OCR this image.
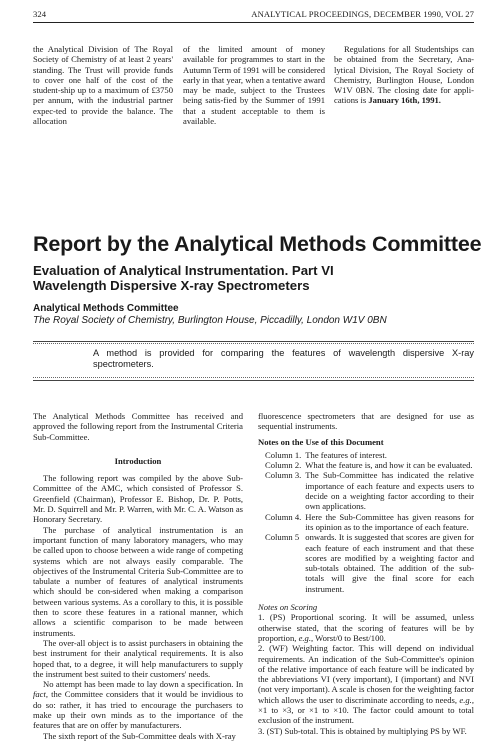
324	ANALYTICAL PROCEEDINGS, DECEMBER 1990, VOL 27

the Analytical Division of The Royal Society of Chemistry of at least 2 years' standing. The Trust will provide funds to cover one half of the cost of the student-ship up to a maximum of £3750 per annum, with the industrial partner expec-ted to provide the balance. The allocation

of the limited amount of money available for programmes to start in the Autumn Term of 1991 will be considered early in that year, when a tentative award may be made, subject to the Trustees being satis-fied by the Summer of 1991 that a student acceptable to them is available.

Regulations for all Studentships can be obtained from the Secretary, Ana-lytical Division, The Royal Society of Chemistry, Burlington House, London W1V 0BN. The closing date for appli-cations is January 16th, 1991.

Report by the Analytical Methods Committee
Evaluation of Analytical Instrumentation. Part VI
Wavelength Dispersive X-ray Spectrometers
Analytical Methods Committee
The Royal Society of Chemistry, Burlington House, Piccadilly, London W1V 0BN
A method is provided for comparing the features of wavelength dispersive X-ray spectrometers.

The Analytical Methods Committee has received and approved the following report from the Instrumental Criteria Sub-Committee.

Introduction

The following report was compiled by the above Sub-Committee of the AMC, which consisted of Professor S. Greenfield (Chairman), Professor E. Bishop, Dr. P. Potts, Mr. D. Squirrell and Mr. P. Warren, with Mr. C. A. Watson as Honorary Secretary.

The purchase of analytical instrumentation is an important function of many laboratory managers, who may be called upon to choose between a wide range of competing systems which are not always easily comparable. The objectives of the Instrumental Criteria Sub-Committee are to tabulate a number of features of analytical instruments which should be con-sidered when making a comparison between various systems. As a corollary to this, it is possible then to score these features in a rational manner, which allows a scientific comparison to be made between instruments.

The over-all object is to assist purchasers in obtaining the best instrument for their analytical requirements. It is also hoped that, to a degree, it will help manufacturers to supply the instrument best suited to their customers' needs.

No attempt has been made to lay down a specification. In fact, the Committee considers that it would be invidious to do so: rather, it has tried to encourage the purchasers to make up their own minds as to the importance of the features that are on offer by manufacturers.

The sixth report of the Sub-Committee deals with X-ray

fluorescence spectrometers that are designed for use as sequential instruments.

Notes on the Use of this Document

Column 1.	The features of interest.
Column 2.	What the feature is, and how it can be evaluated.
Column 3.	The Sub-Committee has indicated the relative importance of each feature and expects users to decide on a weighting factor according to their own applications.
Column 4.	Here the Sub-Committee has given reasons for its opinion as to the importance of each feature.
Column 5	onwards. It is suggested that scores are given for each feature of each instrument and that these scores are modified by a weighting factor and sub-totals obtained. The addition of the sub-totals will give the final score for each instrument.

Notes on Scoring

1. (PS) Proportional scoring. It will be assumed, unless otherwise stated, that the scoring of features will be by proportion, e.g., Worst/0 to Best/100.

2. (WF) Weighting factor. This will depend on individual requirements. An indication of the Sub-Committee's opinion of the relative importance of each feature will be indicated by the abbreviations VI (very important), I (important) and NVI (not very important). A scale is chosen for the weighting factor which allows the user to discriminate according to needs, e.g., ×1 to ×3, or ×1 to ×10. The factor could amount to total exclusion of the instrument.

3. (ST) Sub-total. This is obtained by multiplying PS by WF.
